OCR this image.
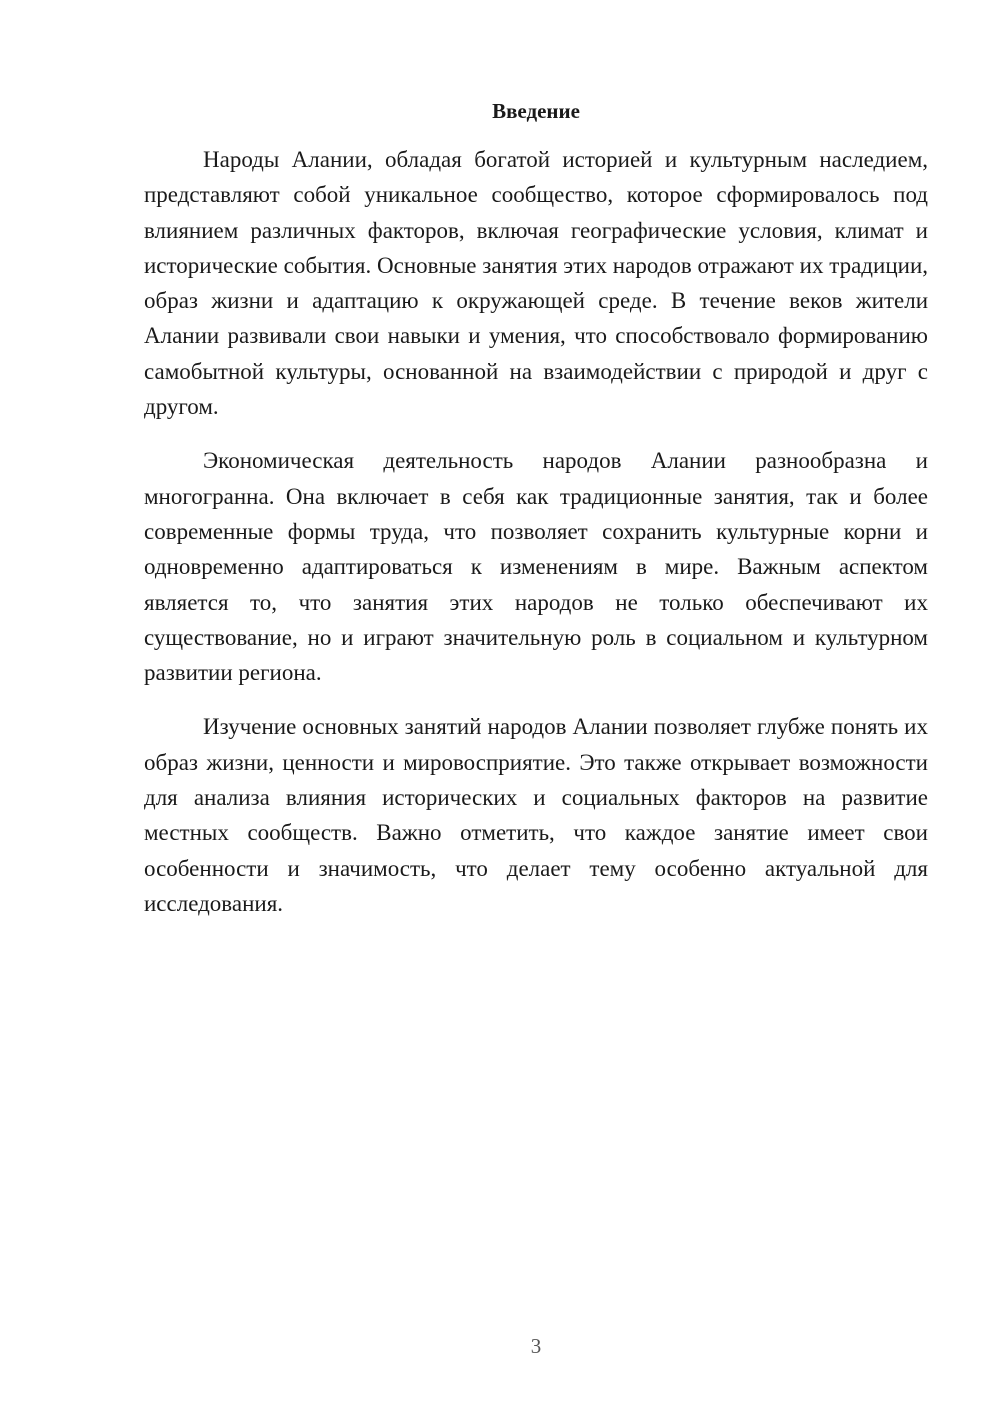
Введение

Народы Алании, обладая богатой историей и культурным наследием, представляют собой уникальное сообщество, которое сформировалось под влиянием различных факторов, включая географические условия, климат и исторические события. Основные занятия этих народов отражают их традиции, образ жизни и адаптацию к окружающей среде. В течение веков жители Алании развивали свои навыки и умения, что способствовало формированию самобытной культуры, основанной на взаимодействии с природой и друг с другом.

Экономическая деятельность народов Алании разнообразна и многогранна. Она включает в себя как традиционные занятия, так и более современные формы труда, что позволяет сохранить культурные корни и одновременно адаптироваться к изменениям в мире. Важным аспектом является то, что занятия этих народов не только обеспечивают их существование, но и играют значительную роль в социальном и культурном развитии региона.

Изучение основных занятий народов Алании позволяет глубже понять их образ жизни, ценности и мировосприятие. Это также открывает возможности для анализа влияния исторических и социальных факторов на развитие местных сообществ. Важно отметить, что каждое занятие имеет свои особенности и значимость, что делает тему особенно актуальной для исследования.

3
